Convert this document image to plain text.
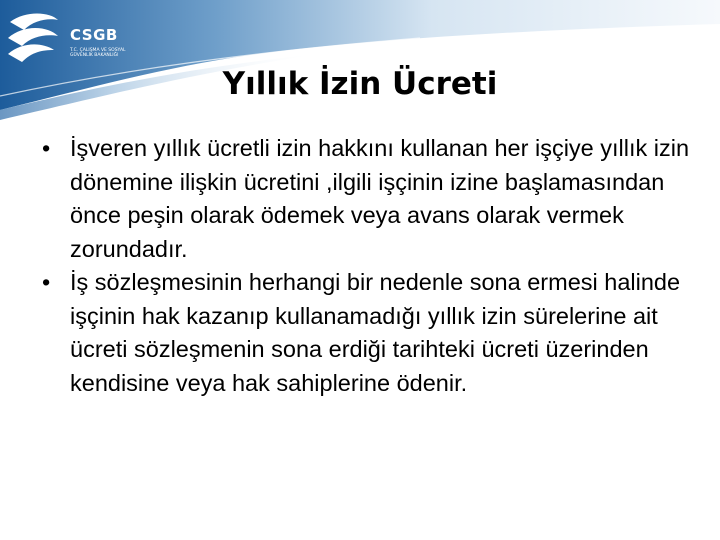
CSGB
T.C. ÇALIŞMA VE SOSYAL GÜVENLİK BAKANLIĞI
Yıllık İzin Ücreti
• İşveren yıllık ücretli izin hakkını kullanan her işçiye yıllık izin dönemine ilişkin ücretini ,ilgili işçinin izine başlamasından önce peşin olarak ödemek veya avans olarak vermek zorundadır.
• İş sözleşmesinin herhangi bir nedenle sona ermesi halinde işçinin hak kazanıp kullanamadığı yıllık izin sürelerine ait ücreti sözleşmenin sona erdiği tarihteki ücreti üzerinden kendisine veya hak sahiplerine ödenir.
